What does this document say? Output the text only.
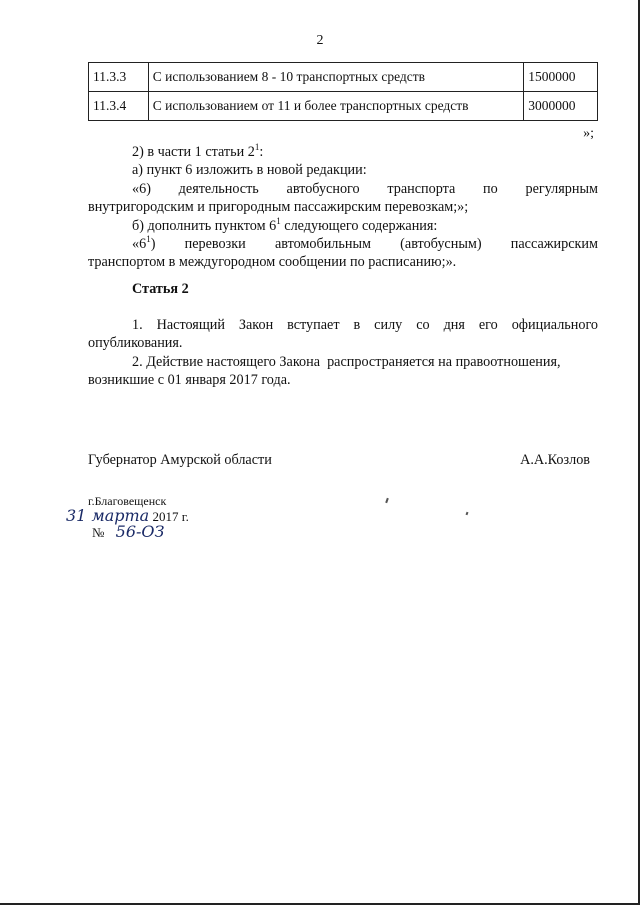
2
11.3.3	С использованием 8 - 10 транспортных средств	1500000
11.3.4	С использованием от 11 и более транспортных средств	3000000
»;

2) в части 1 статьи $2^1$:

а) пункт 6 изложить в новой редакции:

«6) деятельность автобусного транспорта по регулярным

внутригородским и пригородным пассажирским перевозкам;»;

б) дополнить пунктом $6^1$ следующего содержания:

«$6^1$) перевозки автомобильным (автобусным) пассажирским

транспортом в междугородном сообщении по расписанию;».

Статья 2

1. Настоящий Закон вступает в силу со дня его официального

опубликования.

2. Действие настоящего Закона  распространяется на правоотношения,

возникшие с 01 января 2017 года.

Губернатор Амурской области	А.А.Козлов
г.Благовещенск
31 марта 2017 г.
№ 56-ОЗ
